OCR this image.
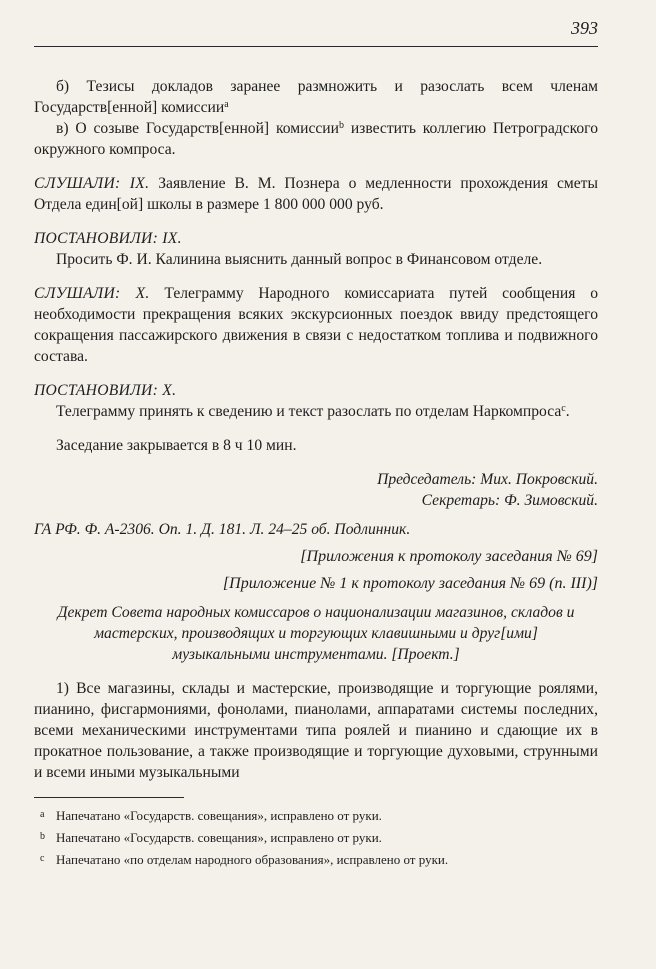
393

б) Тезисы докладов заранее размножить и разослать всем членам Государств[енной] комиссии$^a$

в) О созыве Государств[енной] комиссии$^b$ известить коллегию Петроградского окружного компроса.

СЛУШАЛИ: IX. Заявление В. М. Познера о медленности прохождения сметы Отдела един[ой] школы в размере 1 800 000 000 руб.

ПОСТАНОВИЛИ: IX.

Просить Ф. И. Калинина выяснить данный вопрос в Финансовом отделе.

СЛУШАЛИ: X. Телеграмму Народного комиссариата путей сообщения о необходимости прекращения всяких экскурсионных поездок ввиду предстоящего сокращения пассажирского движения в связи с недостатком топлива и подвижного состава.

ПОСТАНОВИЛИ: X.

Телеграмму принять к сведению и текст разослать по отделам Наркомпроса$^c$.

Заседание закрывается в 8 ч 10 мин.

Председатель: Мих. Покровский.

Секретарь: Ф. Зимовский.

ГА РФ. Ф. А-2306. Оп. 1. Д. 181. Л. 24–25 об. Подлинник.

[Приложения к протоколу заседания № 69]

[Приложение № 1 к протоколу заседания № 69 (п. III)]

Декрет Совета народных комиссаров о национализации магазинов, складов и мастерских, производящих и торгующих клавишными и друг[ими] музыкальными инструментами. [Проект.]

1) Все магазины, склады и мастерские, производящие и торгующие роялями, пианино, фисгармониями, фонолами, пианолами, аппаратами системы последних, всеми механическими инструментами типа роялей и пианино и сдающие их в прокатное пользование, а также производящие и торгующие духовыми, струнными и всеми иными музыкальными

a Напечатано «Государств. совещания», исправлено от руки.

b Напечатано «Государств. совещания», исправлено от руки.

c Напечатано «по отделам народного образования», исправлено от руки.
